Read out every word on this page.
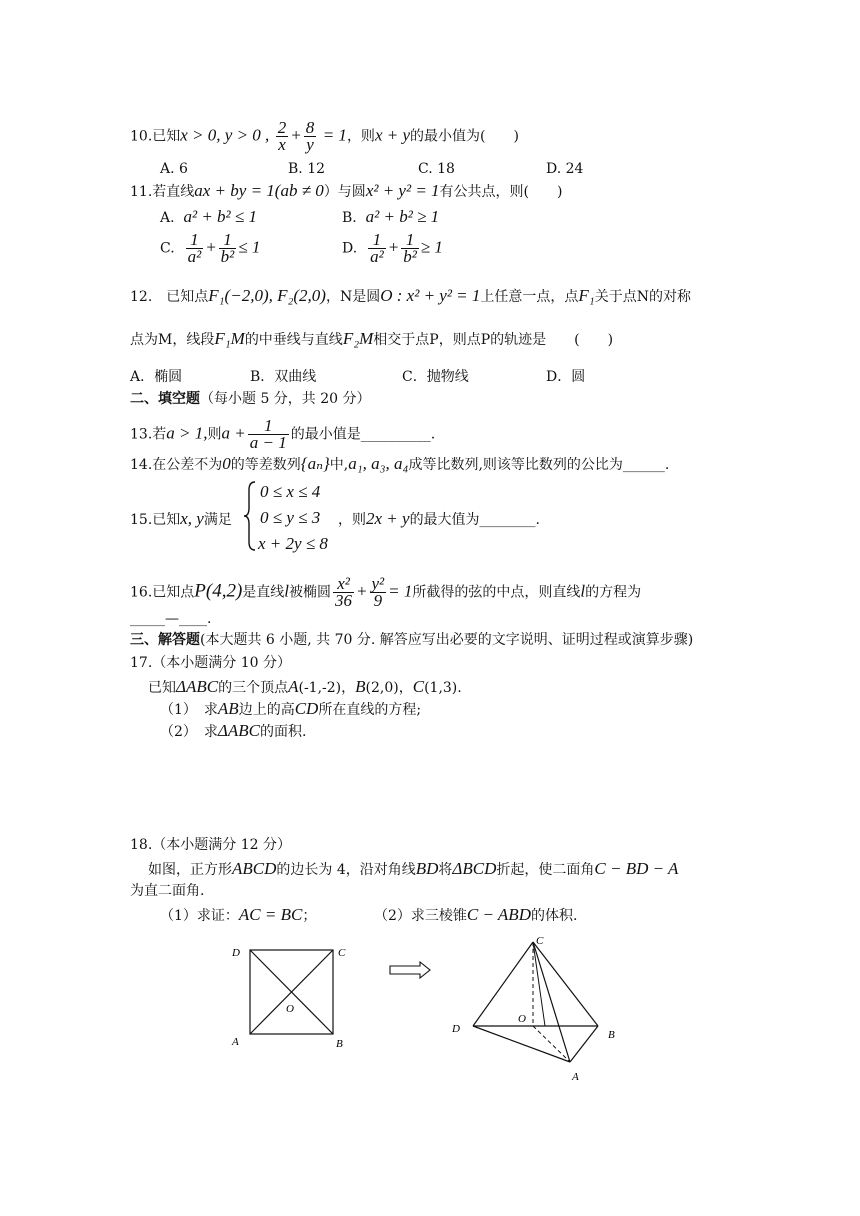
10.已知x > 0, y > 0 , $\frac{2}{x} + \frac{8}{y} = 1$，则x + y的最小值为(　　)
A. 6	B. 12	C. 18	D. 24
11.若直线ax + by = 1(ab ≠ 0）与圆x² + y² = 1有公共点，则(　　)
A. a² + b² ≤ 1	B. a² + b² ≥ 1
C. $\frac{1}{\text{a²}} + \frac{1}{\text{b²}} \le 1$	D. $\frac{1}{\text{a²}} + \frac{1}{\text{b²}} \ge 1$
12.　已知点F₁(−2,0), F₂(2,0)，N是圆O : x² + y² = 1上任意一点，点F₁关于点N的对称
点为M，线段F₁M的中垂线与直线F₂M相交于点P，则点P的轨迹是　　(　　)
A．椭圆	B．双曲线	C．抛物线	D．圆
二、填空题（每小题 5 分，共 20 分）
13.若a > 1,则$a + \frac{1}{a - 1}$ 的最小值是__________.
14.在公差不为0的等差数列{aₙ}中,a₁, a₃, a₄成等比数列,则该等比数列的公比为______.
15.已知x, y满足
0 ≤ x ≤ 4
0 ≤ y ≤ 3
x + 2y ≤ 8
，则2x + y的最大值为________.
16.已知点P(4,2)是直线l被椭圆 $\frac{\text{x²}}{36} + \frac{\text{y²}}{9} = 1$所截得的弦的中点，则直线l的方程为
_____—____.
三、解答题(本大题共 6 小题, 共 70 分. 解答应写出必要的文字说明、证明过程或演算步骤)
17.（本小题满分 10 分）
已知ΔABC的三个顶点A(-1,-2)，B(2,0)，C(1,3).
（1）　求AB边上的高CD所在直线的方程;
（2）　求ΔABC的面积.
18.（本小题满分 12 分）
如图，正方形ABCD的边长为 4，沿对角线BD将ΔBCD折起，使二面角C − BD − A
为直二面角.
（1）求证：AC = BC；	（2）求三棱锥C − ABD的体积.
D	C
O
A	B
C
D
O
B
A
